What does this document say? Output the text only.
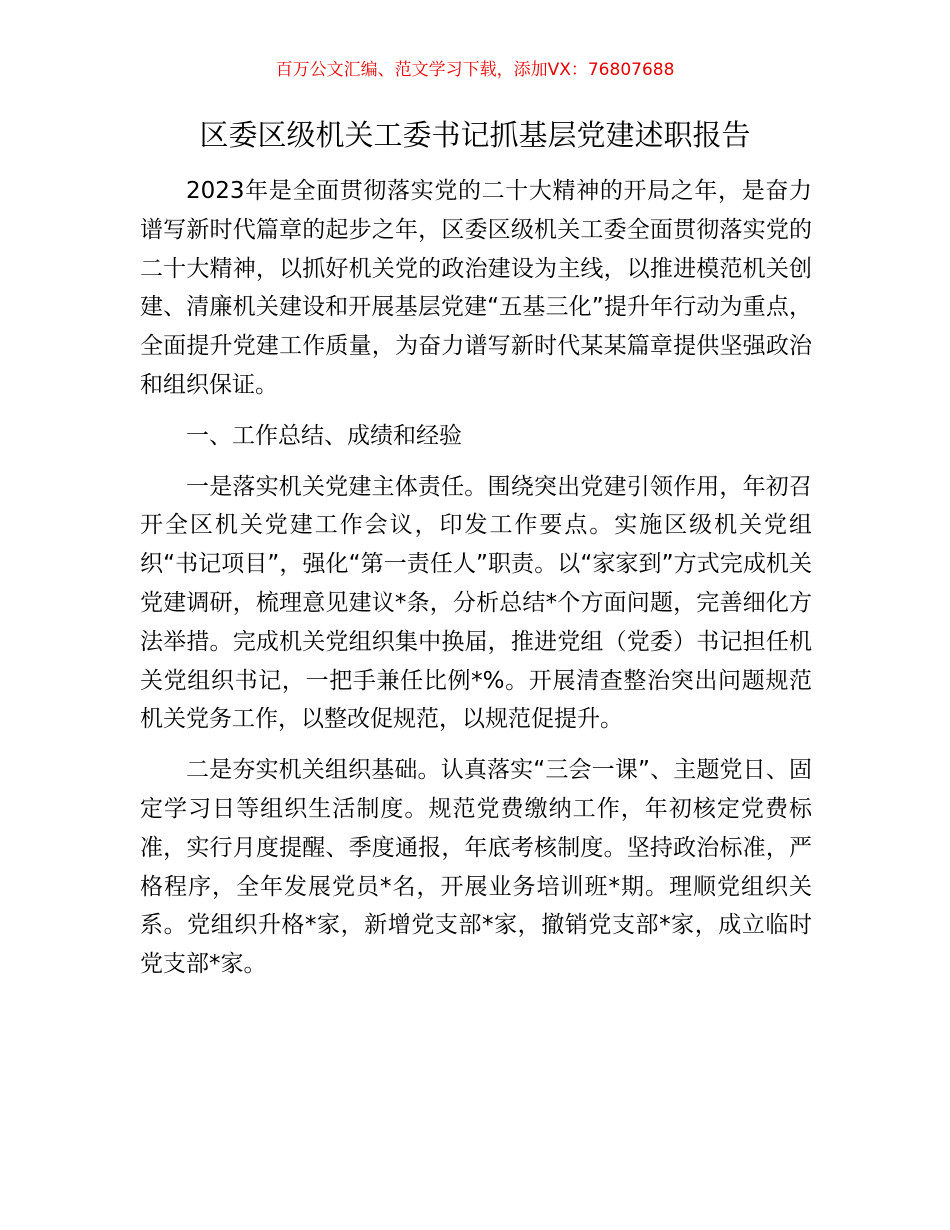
百万公文汇编、范文学习下载，添加VX：76807688
区委区级机关工委书记抓基层党建述职报告

2023年是全面贯彻落实党的二十大精神的开局之年，是奋力谱写新时代篇章的起步之年，区委区级机关工委全面贯彻落实党的二十大精神，以抓好机关党的政治建设为主线，以推进模范机关创建、清廉机关建设和开展基层党建“五基三化”提升年行动为重点，全面提升党建工作质量，为奋力谱写新时代某某篇章提供坚强政治和组织保证。

一、工作总结、成绩和经验

一是落实机关党建主体责任。围绕突出党建引领作用，年初召开全区机关党建工作会议，印发工作要点。实施区级机关党组织“书记项目”，强化“第一责任人”职责。以“家家到”方式完成机关党建调研，梳理意见建议*条，分析总结*个方面问题，完善细化方法举措。完成机关党组织集中换届，推进党组（党委）书记担任机关党组织书记，一把手兼任比例*%。开展清查整治突出问题规范机关党务工作，以整改促规范，以规范促提升。

二是夯实机关组织基础。认真落实“三会一课”、主题党日、固定学习日等组织生活制度。规范党费缴纳工作，年初核定党费标准，实行月度提醒、季度通报，年底考核制度。坚持政治标准，严格程序，全年发展党员*名，开展业务培训班*期。理顺党组织关系。党组织升格*家，新增党支部*家，撤销党支部*家，成立临时党支部*家。
